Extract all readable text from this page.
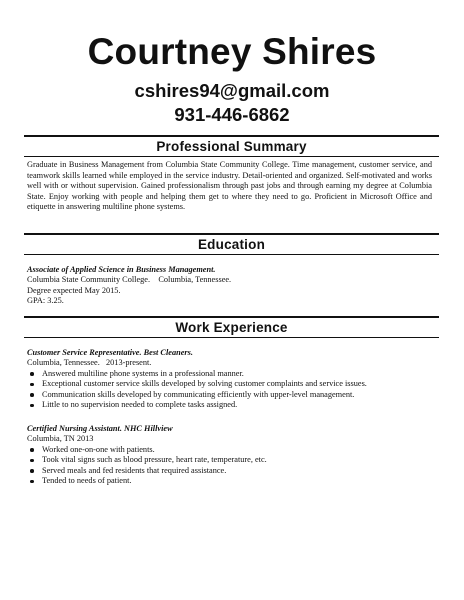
Courtney Shires
cshires94@gmail.com
931-446-6862
Professional Summary
Graduate in Business Management from Columbia State Community College. Time management, customer service, and teamwork skills learned while employed in the service industry. Detail-oriented and organized. Self-motivated and works well with or without supervision. Gained professionalism through past jobs and through earning my degree at Columbia State. Enjoy working with people and helping them get to where they need to go. Proficient in Microsoft Office and etiquette in answering multiline phone systems.
Education
Associate of Applied Science in Business Management.
Columbia State Community College.    Columbia, Tennessee.
Degree expected May 2015.
GPA: 3.25.
Work Experience
Customer Service Representative. Best Cleaners.
Columbia, Tennessee.   2013-present.
Answered multiline phone systems in a professional manner.
Exceptional customer service skills developed by solving customer complaints and service issues.
Communication skills developed by communicating efficiently with upper-level management.
Little to no supervision needed to complete tasks assigned.
Certified Nursing Assistant. NHC Hillview
Columbia, TN 2013
Worked one-on-one with patients.
Took vital signs such as blood pressure, heart rate, temperature, etc.
Served meals and fed residents that required assistance.
Tended to needs of patient.
